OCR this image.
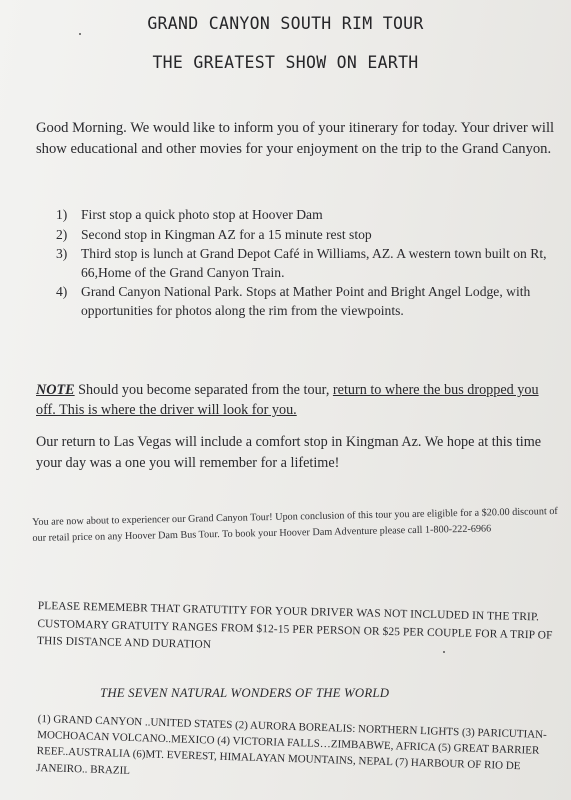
GRAND CANYON SOUTH RIM TOUR
THE GREATEST SHOW ON EARTH
Good Morning. We would like to inform you of your itinerary for today. Your driver will show educational and other movies for your enjoyment on the trip to the Grand Canyon.
1)	First stop a quick photo stop at Hoover Dam
2)	Second stop in Kingman AZ for a 15 minute rest stop
3)	Third stop is lunch at Grand Depot Café in Williams, AZ. A western town built on Rt, 66,Home of the Grand Canyon Train.
4)	Grand Canyon National Park. Stops at Mather Point and Bright Angel Lodge, with opportunities for photos along the rim from the viewpoints.
NOTE Should you become separated from the tour, return to where the bus dropped you off. This is where the driver will look for you.
Our return to Las Vegas will include a comfort stop in Kingman Az. We hope at this time your day was a one you will remember for a lifetime!
You are now about to experiencer our Grand Canyon Tour! Upon conclusion of this tour you are eligible for a $20.00 discount of our retail price on any Hoover Dam Bus Tour. To book your Hoover Dam Adventure please call 1-800-222-6966
PLEASE REMEMEBR THAT GRATUTITY FOR YOUR DRIVER WAS NOT INCLUDED IN THE TRIP. CUSTOMARY GRATUITY RANGES FROM $12-15 PER PERSON OR $25 PER COUPLE FOR A TRIP OF THIS DISTANCE AND DURATION
THE SEVEN NATURAL WONDERS OF THE WORLD
(1) GRAND CANYON ..UNITED STATES (2) AURORA BOREALIS: NORTHERN LIGHTS (3) PARICUTIAN-MOCHOACAN VOLCANO..MEXICO (4) VICTORIA FALLS…ZIMBABWE, AFRICA (5) GREAT BARRIER REEF..AUSTRALIA (6)MT. EVEREST, HIMALAYAN MOUNTAINS, NEPAL (7) HARBOUR OF RIO DE JANEIRO.. BRAZIL
